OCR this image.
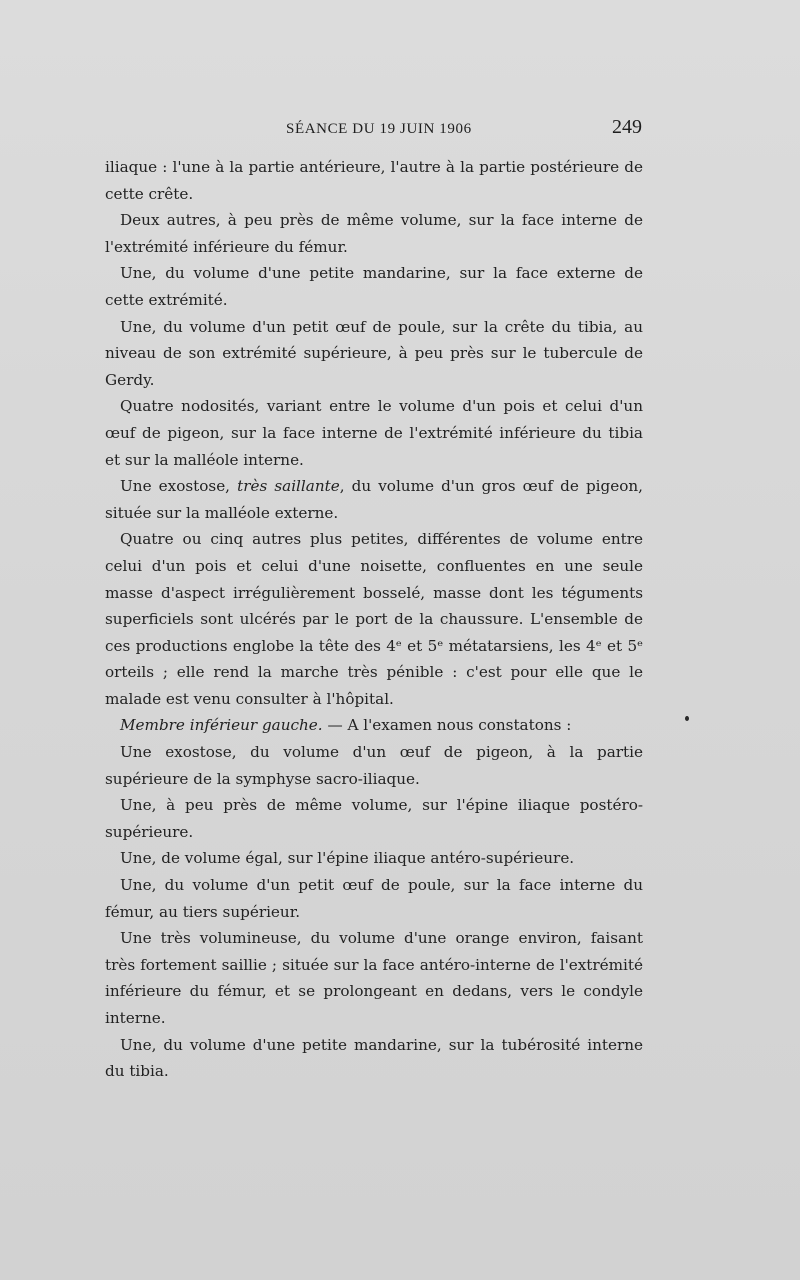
SÉANCE DU 19 JUIN 1906	249

iliaque : l'une à la partie antérieure, l'autre à la partie postérieure de cette crête.

Deux autres, à peu près de même volume, sur la face interne de l'extrémité inférieure du fémur.

Une, du volume d'une petite mandarine, sur la face externe de cette extrémité.

Une, du volume d'un petit œuf de poule, sur la crête du tibia, au niveau de son extrémité supérieure, à peu près sur le tubercule de Gerdy.

Quatre nodosités, variant entre le volume d'un pois et celui d'un œuf de pigeon, sur la face interne de l'extrémité inférieure du tibia et sur la malléole interne.

Une exostose, très saillante, du volume d'un gros œuf de pigeon, située sur la malléole externe.

Quatre ou cinq autres plus petites, différentes de volume entre celui d'un pois et celui d'une noisette, confluentes en une seule masse d'aspect irrégulièrement bosselé, masse dont les téguments superficiels sont ulcérés par le port de la chaussure. L'ensemble de ces productions englobe la tête des 4ᵉ et 5ᵉ métatarsiens, les 4ᵉ et 5ᵉ orteils ; elle rend la marche très pénible : c'est pour elle que le malade est venu consulter à l'hôpital.

Membre inférieur gauche. — A l'examen nous constatons :

Une exostose, du volume d'un œuf de pigeon, à la partie supérieure de la symphyse sacro-iliaque.

Une, à peu près de même volume, sur l'épine iliaque postéro-supérieure.

Une, de volume égal, sur l'épine iliaque antéro-supérieure.

Une, du volume d'un petit œuf de poule, sur la face interne du fémur, au tiers supérieur.

Une très volumineuse, du volume d'une orange environ, faisant très fortement saillie ; située sur la face antéro-interne de l'extrémité inférieure du fémur, et se prolongeant en dedans, vers le condyle interne.

Une, du volume d'une petite mandarine, sur la tubérosité interne du tibia.
